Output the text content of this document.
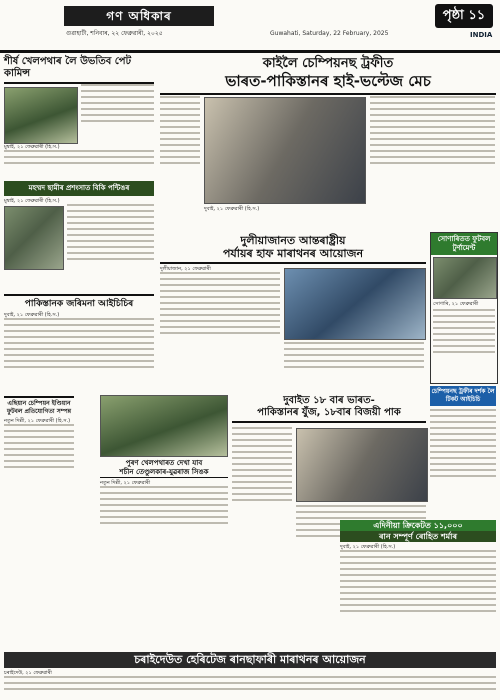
গণ অধিকাৰ
গুৱাহাটী, শনিবাৰ, ২২ ফেব্ৰুৱাৰী, ২০২৫	Guwahati, Saturday, 22 February, 2025
পৃষ্ঠা ১১
INDIA
শীৰ্ষ খেলপথাৰ লৈ উভতিব পেট কামিন্স
মুম্বাই, ২১ ফেব্ৰুৱাৰী (হি.স.)
মহম্মদ ছামীৰ প্ৰশংসাত বিকি পন্টিঙৰ
মুম্বাই, ২১ ফেব্ৰুৱাৰী (হি.স.)
পাকিস্তানক জৰিমনা আইচিচিৰ
দুবাই, ২১ ফেব্ৰুৱাৰী (হি.স.)
এছিয়ান চেম্পিয়ন ইণ্ডিয়ান ফুটবল প্ৰতিযোগিতা সম্পন্ন
নতুন দিল্লী, ২১ ফেব্ৰুৱাৰী (হি.স.)
কাইলৈ চেম্পিয়নছ ট্ৰফীত
ভাৰত-পাকিস্তানৰ হাই-ভল্টেজ মেচ
দুবাই, ২১ ফেব্ৰুৱাৰী (হি.স.)
সোণাৰিতত ফুটবল টুৰ্ণামেণ্ট
সোণাৰি, ২১ ফেব্ৰুৱাৰী
দুলীয়াজানত আন্তৰাষ্ট্ৰীয়
পৰ্যায়ৰ হাফ মাৰাথনৰ আয়োজন
দুলীয়াজান, ২১ ফেব্ৰুৱাৰী
পুৰণ খেলপথাৰত দেখা যাব
শচীন তেণ্ডুলকাৰ-যুৱৰাজ সিঙক
নতুন দিল্লী, ২১ ফেব্ৰুৱাৰী
দুবাইত ১৮ বাৰ ভাৰত-
পাকিস্তানৰ যুঁজ, ১৮বাৰ বিজয়ী পাক
চেম্পিয়নছ ট্ৰফীৰ দৰ্শক লৈ টিকট আইচিচি
এদিনীয়া ক্ৰিকেটত ১১,০০০
ৰান সম্পূৰ্ণ ৰোহিত শৰ্মাৰ
দুবাই, ২১ ফেব্ৰুৱাৰী (হি.স.)
চৰাইদেউত হেৰিটেজ ৰানছাফাৰী মাৰাথনৰ আয়োজন
চৰাইদেউ, ২১ ফেব্ৰুৱাৰী
